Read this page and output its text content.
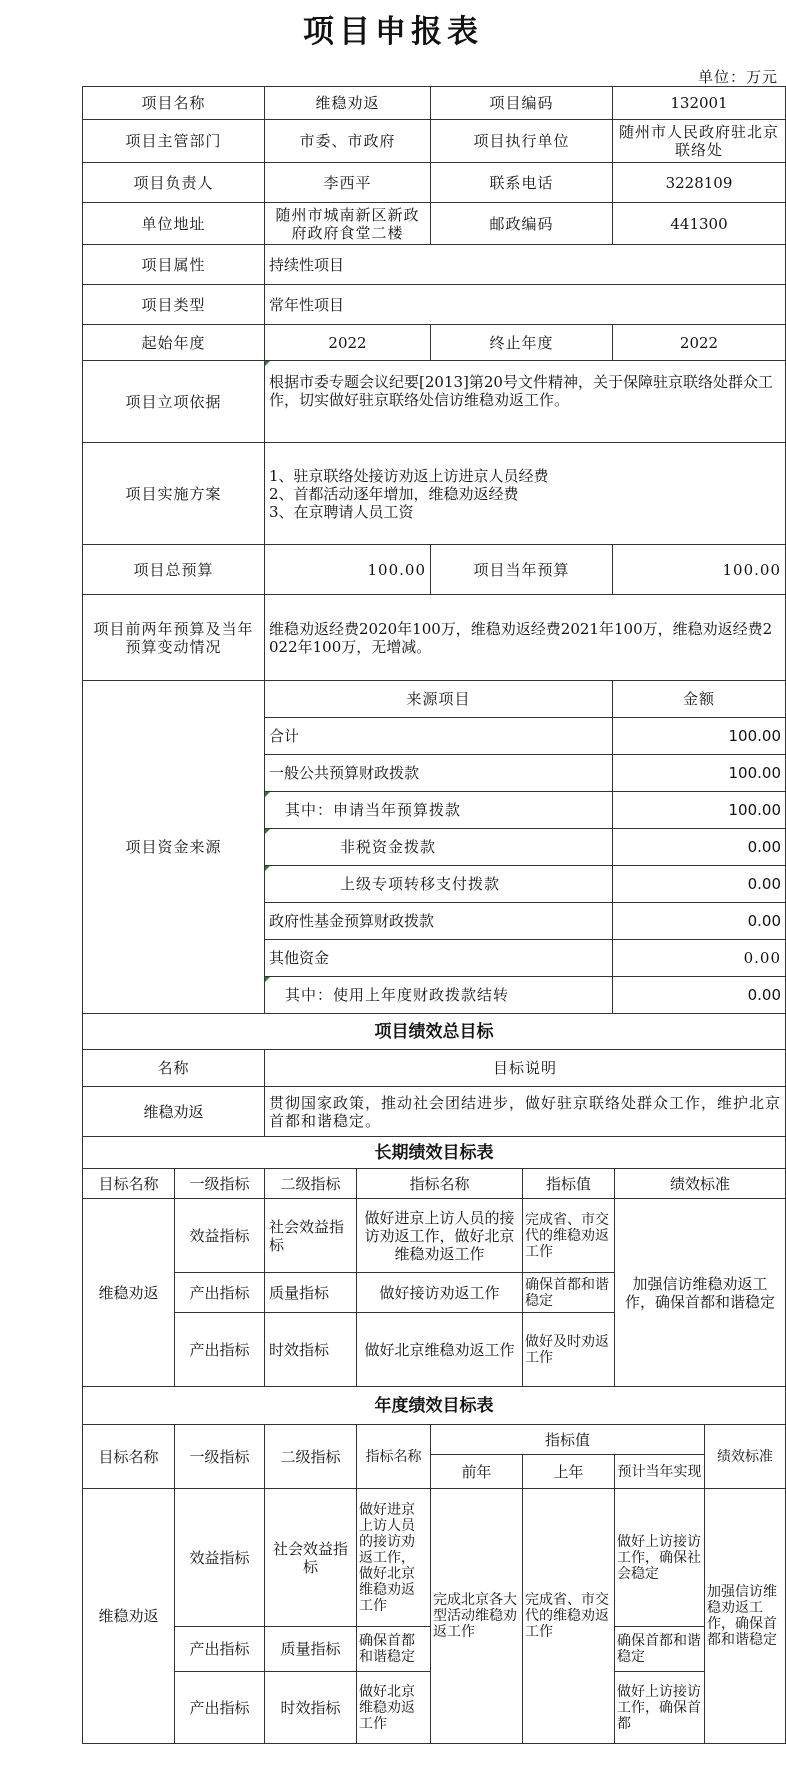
项目申报表
单位：万元
项目名称	维稳劝返	项目编码	132001
项目主管部门	市委、市政府	项目执行单位	随州市人民政府驻北京联络处
项目负责人	李西平	联系电话	3228109
单位地址	随州市城南新区新政府政府食堂二楼	邮政编码	441300
项目属性	持续性项目		
项目类型	常年性项目		
起始年度	2022	终止年度	2022
项目立项依据	根据市委专题会议纪要[2013]第20号文件精神，关于保障驻京联络处群众工作，切实做好驻京联络处信访维稳劝返工作。		
项目实施方案	1、驻京联络处接访劝返上访进京人员经费
2、首都活动逐年增加，维稳劝返经费
3、在京聘请人员工资		

项目总预算	100.00	项目当年预算	100.00
项目前两年预算及当年预算变动情况	维稳劝返经费2020年100万，维稳劝返经费2021年100万，维稳劝返经费2022年100万，无增减。		
项目资金来源	来源项目		金额
	合计		100.00
	一般公共预算财政拨款		100.00
	其中：申请当年预算拨款		100.00
	非税资金拨款		0.00
	上级专项转移支付拨款		0.00
	政府性基金预算财政拨款		0.00
	其他资金		0.00
	其中：使用上年度财政拨款结转		0.00
项目绩效总目标			
名称	目标说明		
维稳劝返	贯彻国家政策，推动社会团结进步，做好驻京联络处群众工作，维护北京首都和谐稳定。		
长期绩效目标表					
目标名称	一级指标	二级指标	指标名称	指标值	绩效标准
维稳劝返	效益指标	社会效益指标	做好进京上访人员的接访劝返工作，做好北京维稳劝返工作	完成省、市交代的维稳劝返工作	加强信访维稳劝返工作，确保首都和谐稳定
	产出指标	质量指标	做好接访劝返工作	确保首都和谐稳定	
	产出指标	时效指标	做好北京维稳劝返工作	做好及时劝返工作	
年度绩效目标表							
目标名称	一级指标	二级指标	指标名称	指标值			绩效标准
				前年	上年	预计当年实现	
维稳劝返	效益指标	社会效益指标	做好进京上访人员的接访劝返工作，做好北京维稳劝返工作	完成北京各大型活动维稳劝返工作	完成省、市交代的维稳劝返工作	做好上访接访工作，确保社会稳定	加强信访维稳劝返工作，确保首都和谐稳定
	产出指标	质量指标	确保首都和谐稳定			确保首都和谐稳定	
	产出指标	时效指标	做好北京维稳劝返工作			做好上访接访工作，确保首都	
